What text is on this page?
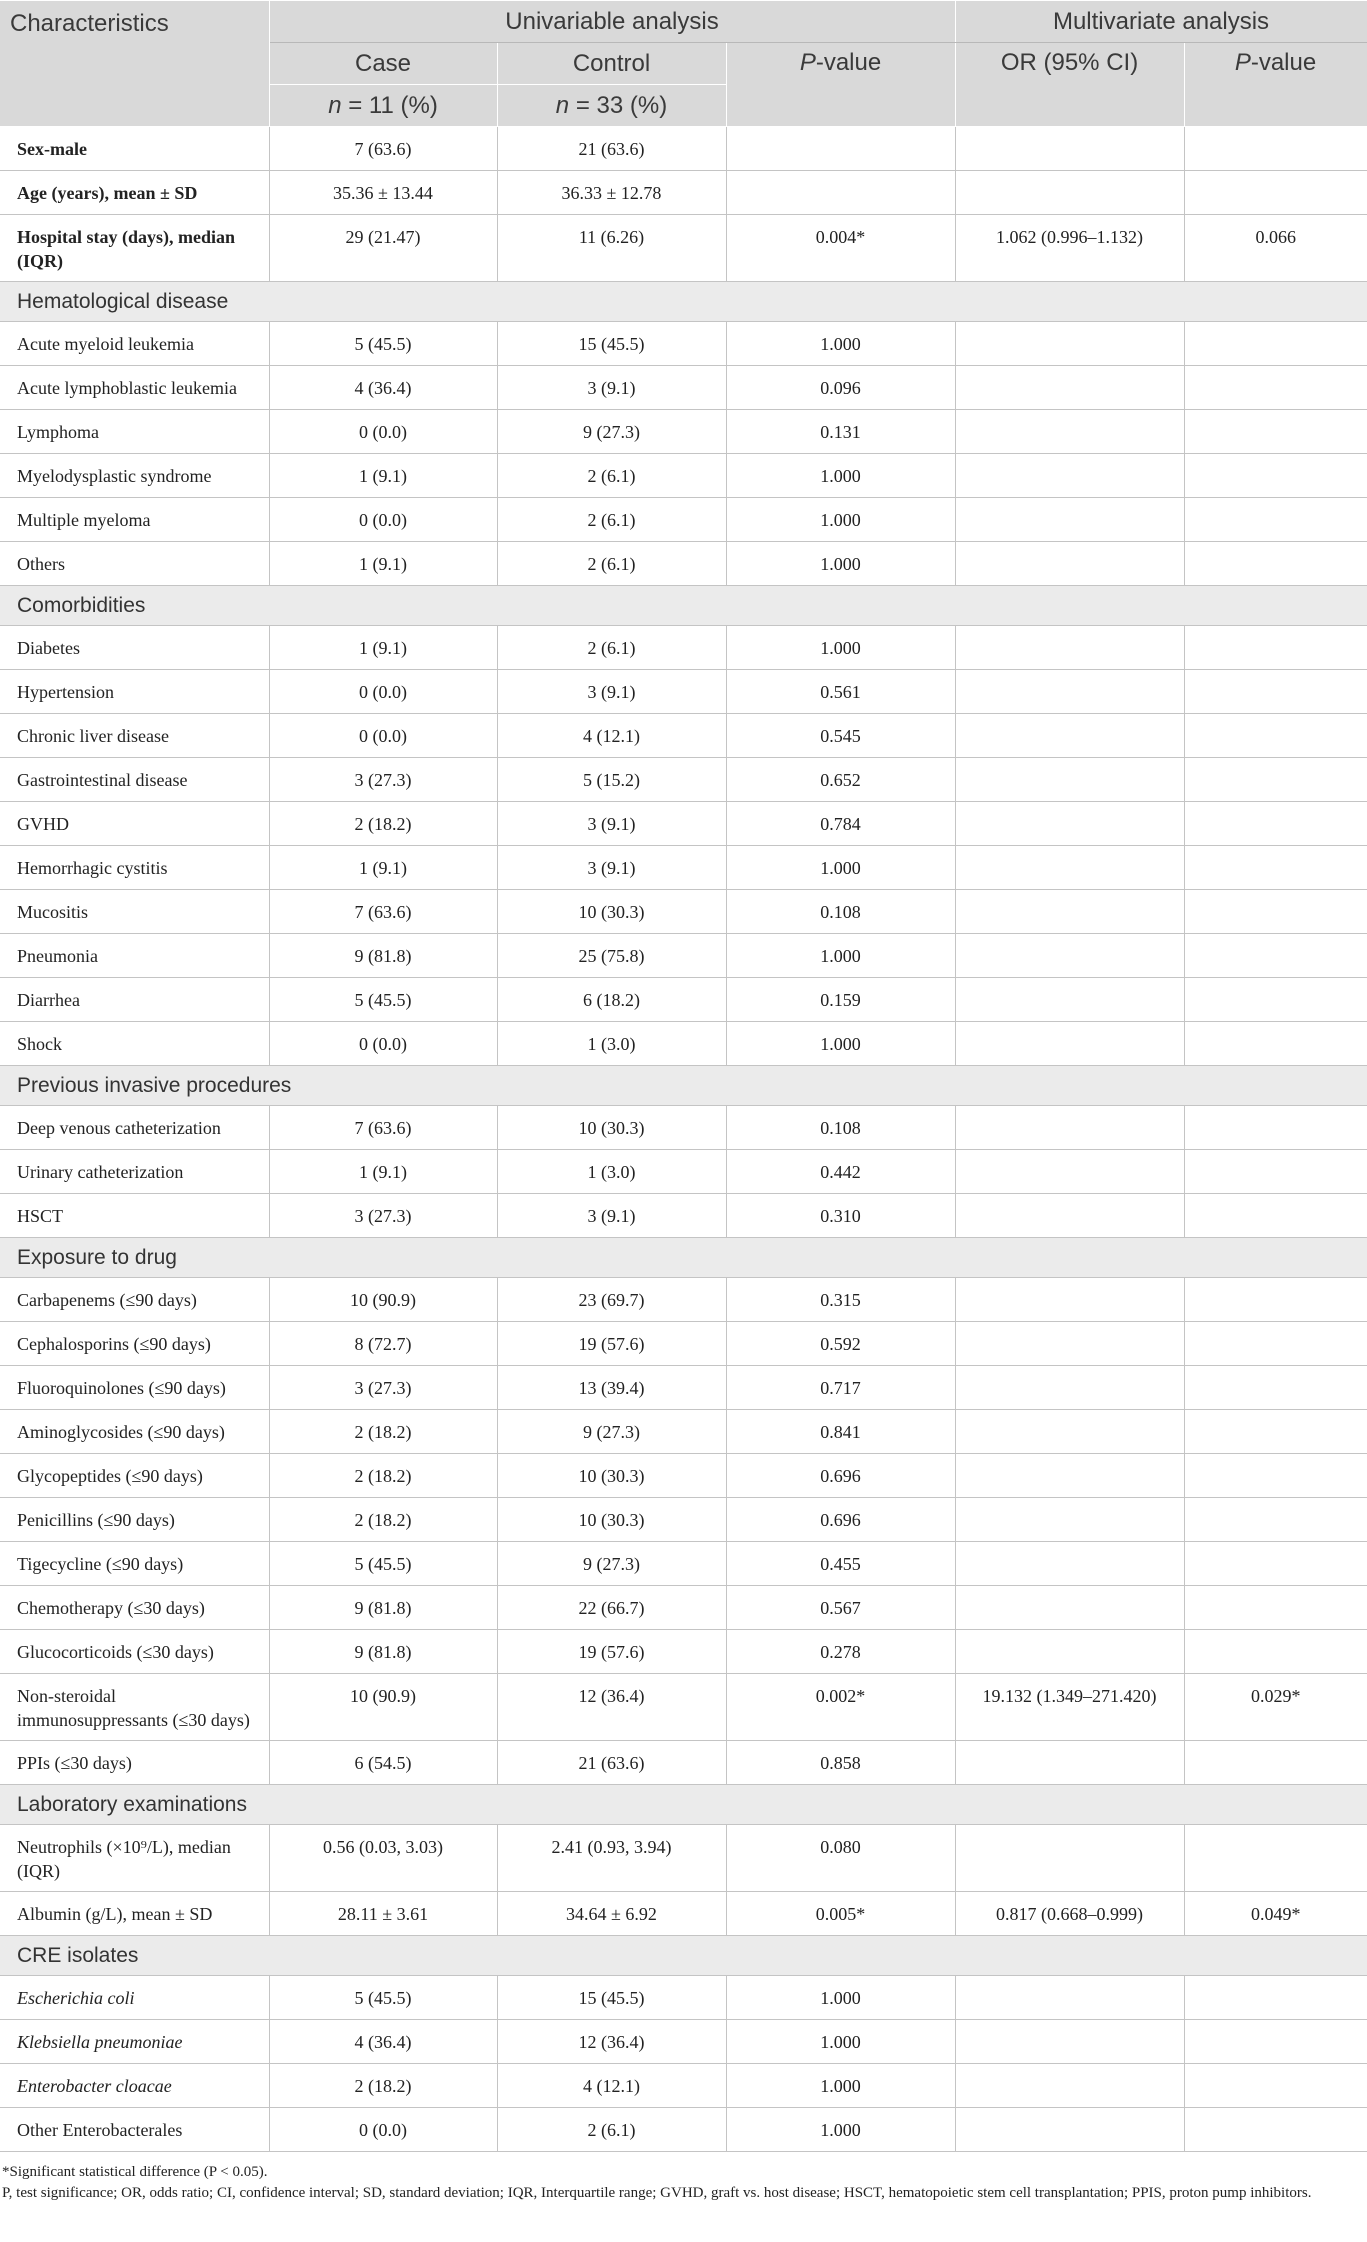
Characteristics	Univariable analysis			Multivariate analysis	
	Case	Control	P-value	OR (95% CI)	P-value
	n = 11 (%)	n = 33 (%)			
Sex-male	7 (63.6)	21 (63.6)			
Age (years), mean ± SD	35.36 ± 13.44	36.33 ± 12.78			
Hospital stay (days), median (IQR)	29 (21.47)	11 (6.26)	0.004*	1.062 (0.996–1.132)	0.066
Hematological disease					
Acute myeloid leukemia	5 (45.5)	15 (45.5)	1.000		
Acute lymphoblastic leukemia	4 (36.4)	3 (9.1)	0.096		
Lymphoma	0 (0.0)	9 (27.3)	0.131		
Myelodysplastic syndrome	1 (9.1)	2 (6.1)	1.000		
Multiple myeloma	0 (0.0)	2 (6.1)	1.000		
Others	1 (9.1)	2 (6.1)	1.000		
Comorbidities					
Diabetes	1 (9.1)	2 (6.1)	1.000		
Hypertension	0 (0.0)	3 (9.1)	0.561		
Chronic liver disease	0 (0.0)	4 (12.1)	0.545		
Gastrointestinal disease	3 (27.3)	5 (15.2)	0.652		
GVHD	2 (18.2)	3 (9.1)	0.784		
Hemorrhagic cystitis	1 (9.1)	3 (9.1)	1.000		
Mucositis	7 (63.6)	10 (30.3)	0.108		
Pneumonia	9 (81.8)	25 (75.8)	1.000		
Diarrhea	5 (45.5)	6 (18.2)	0.159		
Shock	0 (0.0)	1 (3.0)	1.000		
Previous invasive procedures					
Deep venous catheterization	7 (63.6)	10 (30.3)	0.108		
Urinary catheterization	1 (9.1)	1 (3.0)	0.442		
HSCT	3 (27.3)	3 (9.1)	0.310		
Exposure to drug					
Carbapenems (≤90 days)	10 (90.9)	23 (69.7)	0.315		
Cephalosporins (≤90 days)	8 (72.7)	19 (57.6)	0.592		
Fluoroquinolones (≤90 days)	3 (27.3)	13 (39.4)	0.717		
Aminoglycosides (≤90 days)	2 (18.2)	9 (27.3)	0.841		
Glycopeptides (≤90 days)	2 (18.2)	10 (30.3)	0.696		
Penicillins (≤90 days)	2 (18.2)	10 (30.3)	0.696		
Tigecycline (≤90 days)	5 (45.5)	9 (27.3)	0.455		
Chemotherapy (≤30 days)	9 (81.8)	22 (66.7)	0.567		
Glucocorticoids (≤30 days)	9 (81.8)	19 (57.6)	0.278		
Non-steroidal immunosuppressants (≤30 days)	10 (90.9)	12 (36.4)	0.002*	19.132 (1.349–271.420)	0.029*
PPIs (≤30 days)	6 (54.5)	21 (63.6)	0.858		
Laboratory examinations					
Neutrophils (×10⁹/L), median (IQR)	0.56 (0.03, 3.03)	2.41 (0.93, 3.94)	0.080		
Albumin (g/L), mean ± SD	28.11 ± 3.61	34.64 ± 6.92	0.005*	0.817 (0.668–0.999)	0.049*
CRE isolates					
Escherichia coli	5 (45.5)	15 (45.5)	1.000		
Klebsiella pneumoniae	4 (36.4)	12 (36.4)	1.000		
Enterobacter cloacae	2 (18.2)	4 (12.1)	1.000		
Other Enterobacterales	0 (0.0)	2 (6.1)	1.000		
*Significant statistical difference (P < 0.05).
P, test significance; OR, odds ratio; CI, confidence interval; SD, standard deviation; IQR, Interquartile range; GVHD, graft vs. host disease; HSCT, hematopoietic stem cell transplantation; PPIS, proton pump inhibitors.
